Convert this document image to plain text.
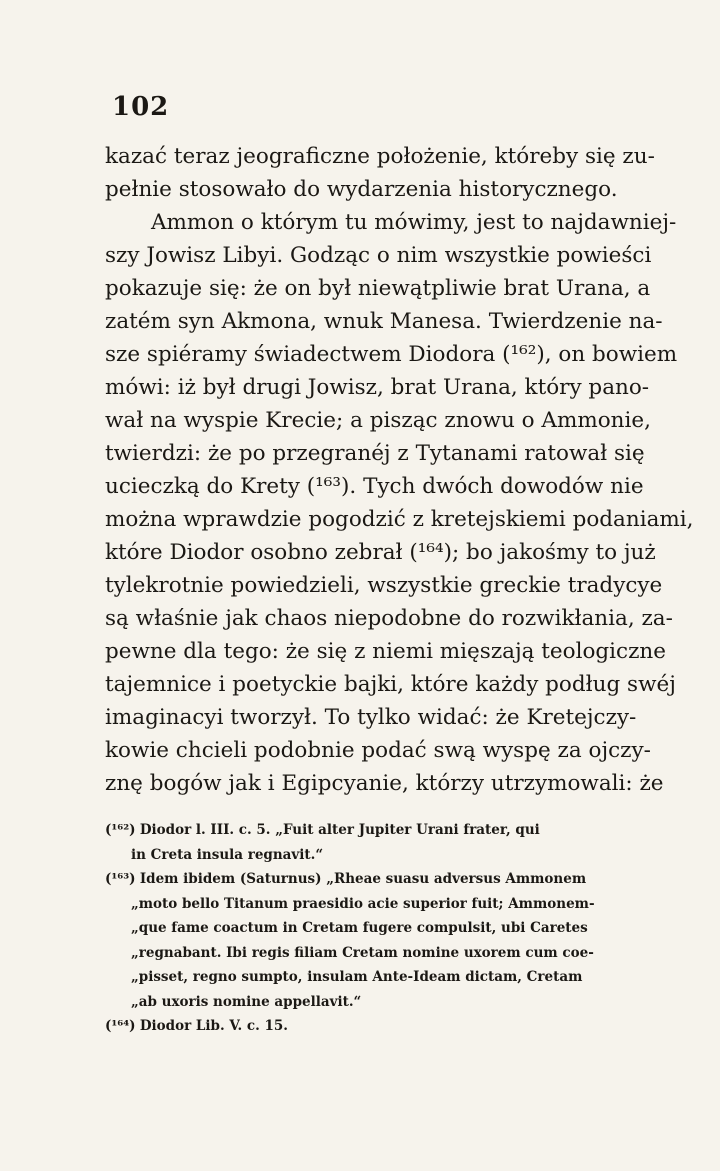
102
kazać teraz jeograficzne położenie, któreby się zu-
pełnie stosowało do wydarzenia historycznego.
Ammon o którym tu mówimy, jest to najdawniej-
szy Jowisz Libyi. Godząc o nim wszystkie powieści
pokazuje się: że on był niewątpliwie brat Urana, a
zatém syn Akmona, wnuk Manesa. Twierdzenie na-
sze spiéramy świadectwem Diodora (¹⁶²), on bowiem
mówi: iż był drugi Jowisz, brat Urana, który pano-
wał na wyspie Krecie; a pisząc znowu o Ammonie,
twierdzi: że po przegranéj z Tytanami ratował się
ucieczką do Krety (¹⁶³). Tych dwóch dowodów nie
można wprawdzie pogodzić z kretejskiemi podaniami,
które Diodor osobno zebrał (¹⁶⁴); bo jakośmy to już
tylekrotnie powiedzieli, wszystkie greckie tradycye
są właśnie jak chaos niepodobne do rozwikłania, za-
pewne dla tego: że się z niemi mięszają teologiczne
tajemnice i poetyckie bajki, które każdy podług swéj
imaginacyi tworzył. To tylko widać: że Kretejczy-
kowie chcieli podobnie podać swą wyspę za ojczy-
znę bogów jak i Egipcyanie, którzy utrzymowali: że
(¹⁶²) Diodor l. III. c. 5. „Fuit alter Jupiter Urani frater, qui
in Creta insula regnavit.“
(¹⁶³) Idem ibidem (Saturnus) „Rheae suasu adversus Ammonem
„moto bello Titanum praesidio acie superior fuit; Ammonem-
„que fame coactum in Cretam fugere compulsit, ubi Caretes
„regnabant. Ibi regis filiam Cretam nomine uxorem cum coe-
„pisset, regno sumpto, insulam Ante-Ideam dictam, Cretam
„ab uxoris nomine appellavit.“
(¹⁶⁴) Diodor Lib. V. c. 15.
